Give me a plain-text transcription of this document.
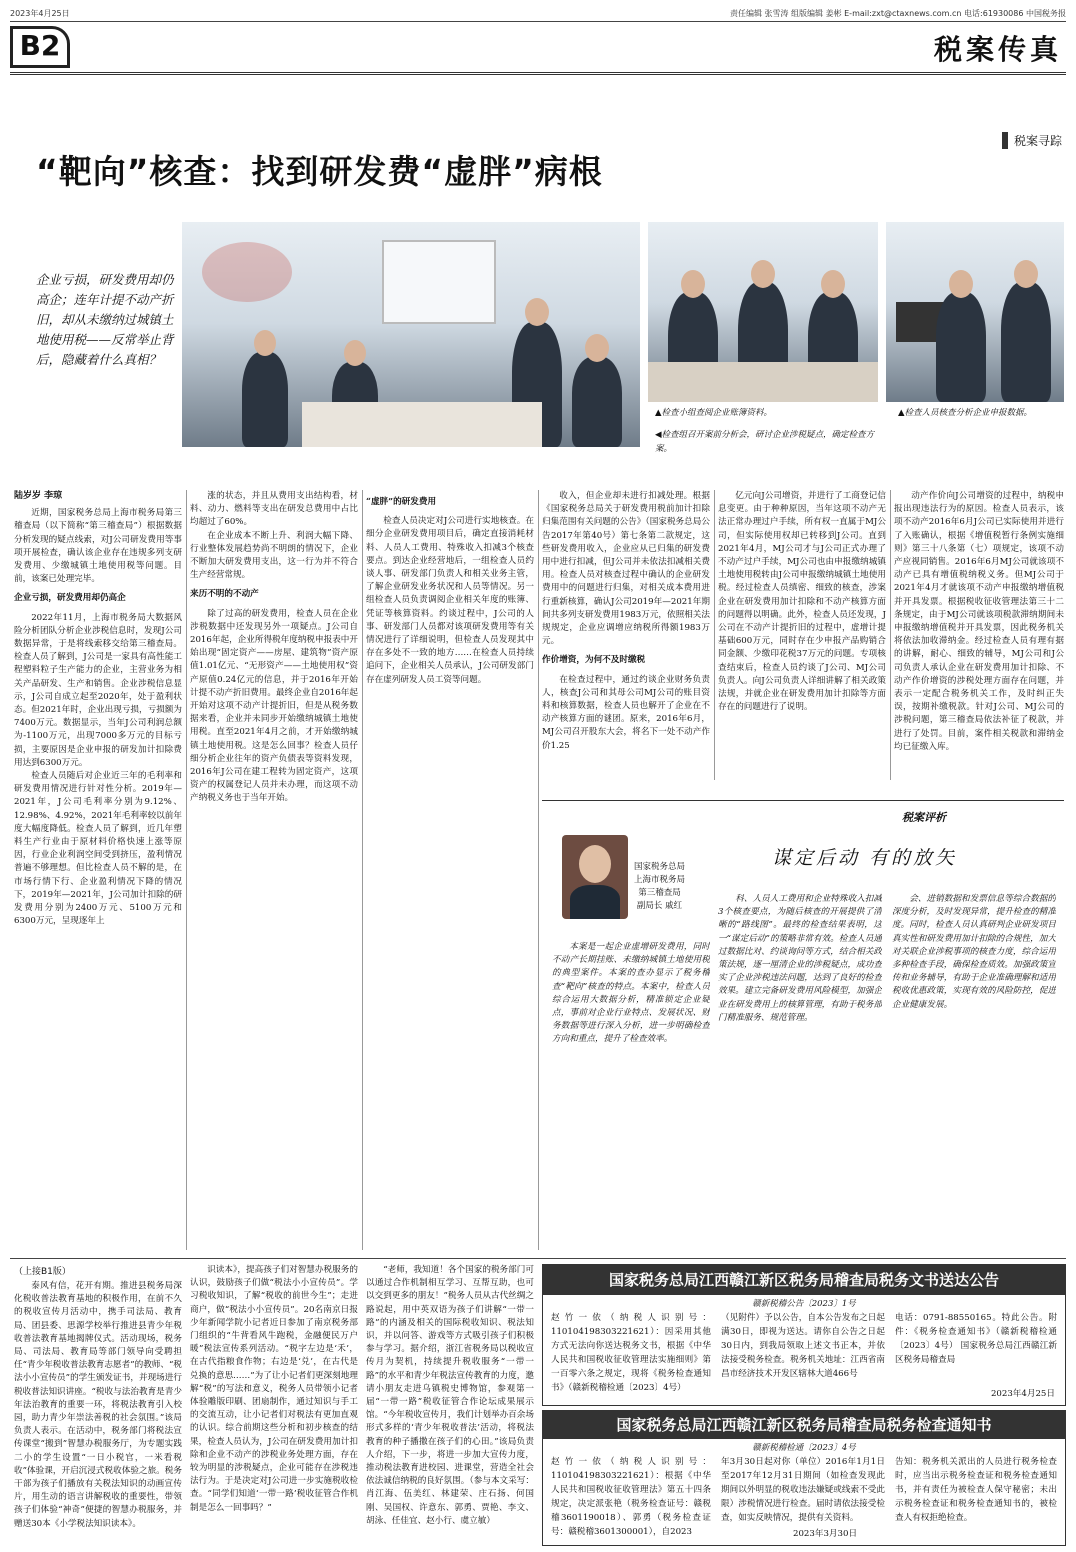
2023年4月25日	责任编辑 张雪涛 组版编辑 姜彬 E-mail:zxt@ctaxnews.com.cn 电话:61930086 中国税务报
B2	税案传真
税案寻踪
“靶向”核查：找到研发费“虚胖”病根
▲检查小组查阅企业账簿资料。	▲检查人员核查分析企业申报数据。
◀检查组召开案前分析会，研讨企业涉税疑点，确定检查方案。
企业亏损，研发费用却仍高企；连年计提不动产折旧，却从未缴纳过城镇土地使用税——反常举止背后，隐藏着什么真相？
陆岁岁 李琼

近期，国家税务总局上海市税务局第三稽查局（以下简称“第三稽查局”）根据数据分析发现的疑点线索，对J公司研发费用等事项开展检查，确认该企业存在违规多列支研发费用、少缴城镇土地使用税等问题。目前，该案已处理完毕。

企业亏损，研发费用却仍高企

2022年11月，上海市税务局大数据风险分析团队分析企业涉税信息时，发现J公司数据异常，于是将线索移交给第三稽查局。检查人员了解到，J公司是一家具有高性能工程塑料粒子生产能力的企业，主营业务为相关产品研发、生产和销售。企业涉税信息显示，J公司自成立起至2020年，处于盈利状态。但2021年时，企业出现亏损，亏损额为7400万元。数据显示，当年J公司利润总额为-1100万元，出现7000多万元的目标亏损，主要原因是企业申报的研发加计扣除费用达到6300万元。

检查人员随后对企业近三年的毛利率和研发费用情况进行针对性分析。2019年—2021年，J公司毛利率分别为9.12%、12.98%、4.92%，2021年毛利率较以前年度大幅度降低。检查人员了解到，近几年塑料生产行业由于原材料价格快速上涨等原因，行业企业利润空间受到挤压，盈利情况普遍不够理想。但比检查人员不解的是，在市场行情下行、企业盈利情况下降的情况下，2019年—2021年，J公司加计扣除的研发费用分别为2400万元、5100万元和6300万元，呈现逐年上

涨的状态，并且从费用支出结构看，材料、动力、燃料等支出在研发总费用中占比均超过了60%。

在企业成本不断上升、利润大幅下降、行业整体发展趋势尚不明朗的情况下，企业不断加大研发费用支出，这一行为并不符合生产经营常规。

来历不明的不动产

除了过高的研发费用，检查人员在企业涉税数据中还发现另外一项疑点。J公司自2016年起，企业所得税年度纳税申报表中开始出现“固定资产——房屋、建筑物”资产原值1.01亿元、“无形资产——土地使用权”资产原值0.24亿元的信息，并于2016年开始计提不动产折旧费用。最终企业自2016年起开始对这项不动产计提折旧，但是从税务数据来看，企业并未同步开始缴纳城镇土地使用税。直至2021年4月之前，才开始缴纳城镇土地使用税。这是怎么回事？检查人员仔细分析企业往年的资产负债表等资料发现，2016年J公司在建工程转为固定资产，这项资产的权属登记人员并未办理，而这项不动产纳税义务也于当年开始。

“虚胖”的研发费用

检查人员决定对J公司进行实地核查。在细分企业研发费用项目后，确定直接消耗材料、人员人工费用、特殊收入扣减3个核查要点。到达企业经营地后，一组检查人员约谈人事、研发部门负责人和相关业务主管，了解企业研发业务状况和人员等情况。另一组检查人员负责调阅企业相关年度的账簿、凭证等核算资料。约谈过程中，J公司的人事、研发部门人员都对该项研发费用等有关情况进行了详细说明，但检查人员发现其中存在多处不一致的地方……在检查人员持续追问下，企业相关人员承认，J公司研发部门存在虚列研发人员工资等问题。

收入，但企业却未进行扣减处理。根据《国家税务总局关于研发费用税前加计扣除归集范围有关问题的公告》（国家税务总局公告2017年第40号）第七条第二款规定，这些研发费用收入，企业应从已归集的研发费用中进行扣减，但J公司并未依法扣减相关费用。检查人员对核查过程中确认的企业研发费用中的问题进行归集，对相关成本费用进行重新核算，确认J公司2019年—2021年期间共多列支研发费用1983万元，依照相关法规规定，企业应调增应纳税所得额1983万元。

作价增资，为何不及时缴税

在检查过程中，通过约谈企业财务负责人，核查J公司和其母公司MJ公司的账目资料和核算数据，检查人员也解开了企业在不动产核算方面的谜团。原来，2016年6月，MJ公司召开股东大会，将名下一处不动产作价1.25

亿元向J公司增资，并进行了工商登记信息变更。由于种种原因，当年这项不动产无法正常办理过户手续，所有权一直属于MJ公司，但实际使用权却已转移到J公司。直到2021年4月，MJ公司才与J公司正式办理了不动产过户手续，MJ公司也由申报缴纳城镇土地使用税转由J公司申报缴纳城镇土地使用税。经过检查人员缜密、细致的核查，涉案企业在研发费用加计扣除和不动产核算方面的问题得以明确。此外，检查人员还发现，J公司在不动产计提折旧的过程中，虚增计提基础600万元，同时存在少申报产品购销合同金额、少缴印花税37万元的问题。专项核查结束后，检查人员约谈了J公司、MJ公司负责人。向J公司负责人详细讲解了相关政策法规，并就企业在研发费用加计扣除等方面存在的问题进行了说明。

动产作价向J公司增资的过程中，纳税申报出现违法行为的原因。检查人员表示，该项不动产2016年6月J公司已实际使用并进行了入账确认，根据《增值税暂行条例实施细则》第三十八条第（七）项规定，该项不动产应视同销售。2016年6月MJ公司就该项不动产已具有增值税纳税义务。但MJ公司于2021年4月才就该项不动产申报缴纳增值税并开具发票。根据税收征收管理法第三十二条规定，由于MJ公司就该项税款滞纳期间未申报缴纳增值税并开具发票，因此税务机关将依法加收滞纳金。经过检查人员有理有据的讲解，耐心、细致的辅导，MJ公司和J公司负责人承认企业在研发费用加计扣除、不动产作价增资的涉税处理方面存在问题，并表示一定配合税务机关工作，及时纠正失误，按期补缴税款。针对J公司、MJ公司的涉税问题，第三稽查局依法补征了税款，并进行了处罚。目前，案件相关税款和滞纳金均已征缴入库。

税案评析
谋定后动 有的放矢
国家税务总局
上海市税务局
第三稽查局
副局长 戚红

本案是一起企业虚增研发费用，同时不动产长期挂账、未缴纳城镇土地使用税的典型案件。本案的查办显示了税务稽查“靶向”核查的特点。本案中，检查人员综合运用大数据分析，精准锁定企业疑点，事前对企业行业特点、发展状况、财务数据等进行深入分析，进一步明确检查方向和重点，提升了检查效率。

科、人员人工费用和企业特殊收入扣减3个核查要点，为随后核查的开展提供了清晰的“路线图”。最终的检查结果表明，这一“谋定后动”的策略非常有效。检查人员通过数据比对、约谈询问等方式，结合相关政策法规，逐一厘清企业的涉税疑点，成功查实了企业涉税违法问题，达到了良好的检查效果。建立完备研发费用风险模型，加强企业在研发费用上的核算管理，有助于税务部门精准服务、规范管理。

会、进销数据和发票信息等综合数据的深度分析，及时发现异常，提升检查的精准度。同时，检查人员认真研判企业研发项目真实性和研发费用加计扣除的合规性，加大对关联企业涉税事项的核查力度，综合运用多种检查手段，确保检查质效。加强政策宣传和业务辅导，有助于企业准确理解和适用税收优惠政策，实现有效的风险防控，促进企业健康发展。

（上接B1版）

泰风有信，花开有期。推进县税务局深化税收普法教育基地的积极作用，在前不久的税收宣传月活动中，携手司法局、教育局、团县委、思源学校举行推进县青少年税收普法教育基地揭牌仪式。活动现场，税务局、司法局、教育局等部门领导向受聘担任“青少年税收普法教育志愿者”的教师、“税法小小宣传员”的学生颁发证书，并现场进行税收普法知识讲座。“税收与法治教育是青少年法治教育的重要一环，将税法教育引入校园，助力青少年崇法善税的社会氛围。”该局负责人表示。在活动中，税务部门将税法宣传课堂“搬到”智慧办税服务厅，为专题实践二小的学生设置“一日小税官，一米看税收”体验课，开启沉浸式税收体验之旅。税务干部为孩子们播放有关税法知识的动画宣传片，用生动的语言讲解税收的重要性，带领孩子们体验“神奇”便捷的智慧办税服务，并赠送30本《小学税法知识读本》。

识读本》，提高孩子们对智慧办税服务的认识，鼓励孩子们做“税法小小宣传员”。学习税收知识，了解“税收的前世今生”；走进商户，做“税法小小宣传员”。20名南京日报少年新闻学院小记者近日参加了南京税务部门组织的“牛背看风牛跑税，金融便民万户暖”税法宣传系列活动。“税字左边是‘禾’，在古代指粮食作物；右边是‘兑’，在古代是兑换的意思……”为了让小记者们更深刻地理解“税”的写法和意义，税务人员带领小记者体验雕版印刷、团扇制作，通过知识与手工的交流互动，让小记者们对税法有更加直观的认识。综合前期这些分析和初步核查的结果，检查人员认为，J公司在研发费用加计扣除和企业不动产的涉税业务处理方面，存在较为明显的涉税疑点，企业可能存在涉税违法行为。于是决定对J公司进一步实施税收检查。“同学们知道‘一带一路’税收征管合作机制是怎么一回事吗？”

“老师，我知道！各个国家的税务部门可以通过合作机制相互学习、互帮互助，也可以交到更多的朋友！”税务人员从古代丝绸之路说起，用中英双语为孩子们讲解“一带一路”的内涵及相关的国际税收知识、税法知识，并以问答、游戏等方式吸引孩子们积极参与学习。据介绍，浙江省税务局以税收宣传月为契机，持续提升税收服务“一带一路”的水平和青少年税法宣传教育的力度，邀请小朋友走进乌镇税史博物馆，参观第一届“一带一路”税收征管合作论坛成果展示馆。“今年税收宣传月，我们计划举办百余场形式多样的‘青少年税收普法’活动，将税法教育的种子播撒在孩子们的心田。”该局负责人介绍，下一步，将进一步加大宣传力度，推动税法教育进校园、进课堂，营造全社会依法诚信纳税的良好氛围。（参与本文采写：肖江海、伍美红、林建荣、庄石扬、何国刚、吴国权、许意东、郭勇、贾艳、李文、胡泳、任佳宜、赵小行、虞立敏）

国家税务总局江西赣江新区税务局稽查局税务文书送达公告
赣新税稽公告〔2023〕1号
赵竹一依（纳税人识别号：110104198303221621）：因采用其他方式无法向你送达税务文书，根据《中华人民共和国税收征收管理法实施细则》第一百零六条之规定，现将《税务检查通知书》（赣新税稽检通〔2023〕4号）
（见附件）予以公告，自本公告发布之日起满30日，即视为送达。请你自公告之日起30日内，到我局领取上述文书正本，并依法接受税务检查。税务机关地址：江西省南昌市经济技术开发区辖林大道466号
电话：0791-88550165。特此公告。附件：《税务检查通知书》（赣新税稽检通〔2023〕4号） 国家税务总局江西赣江新区税务局稽查局
2023年4月25日
国家税务总局江西赣江新区税务局稽查局税务检查通知书
赣新税稽检通〔2023〕4号
赵竹一依（纳税人识别号：110104198303221621）：根据《中华人民共和国税收征收管理法》第五十四条规定，决定派张艳（税务检查证号：赣税稽3601190018）、郭勇（税务检查证号：赣税稽3601300001），自2023
年3月30日起对你（单位）2016年1月1日至2017年12月31日期间（如检查发现此期间以外明显的税收违法嫌疑或线索不受此限）涉税情况进行检查。届时请依法接受检查，如实反映情况，提供有关资料。
2023年3月30日
告知：税务机关派出的人员进行税务检查时，应当出示税务检查证和税务检查通知书，并有责任为被检查人保守秘密；未出示税务检查证和税务检查通知书的，被检查人有权拒绝检查。
